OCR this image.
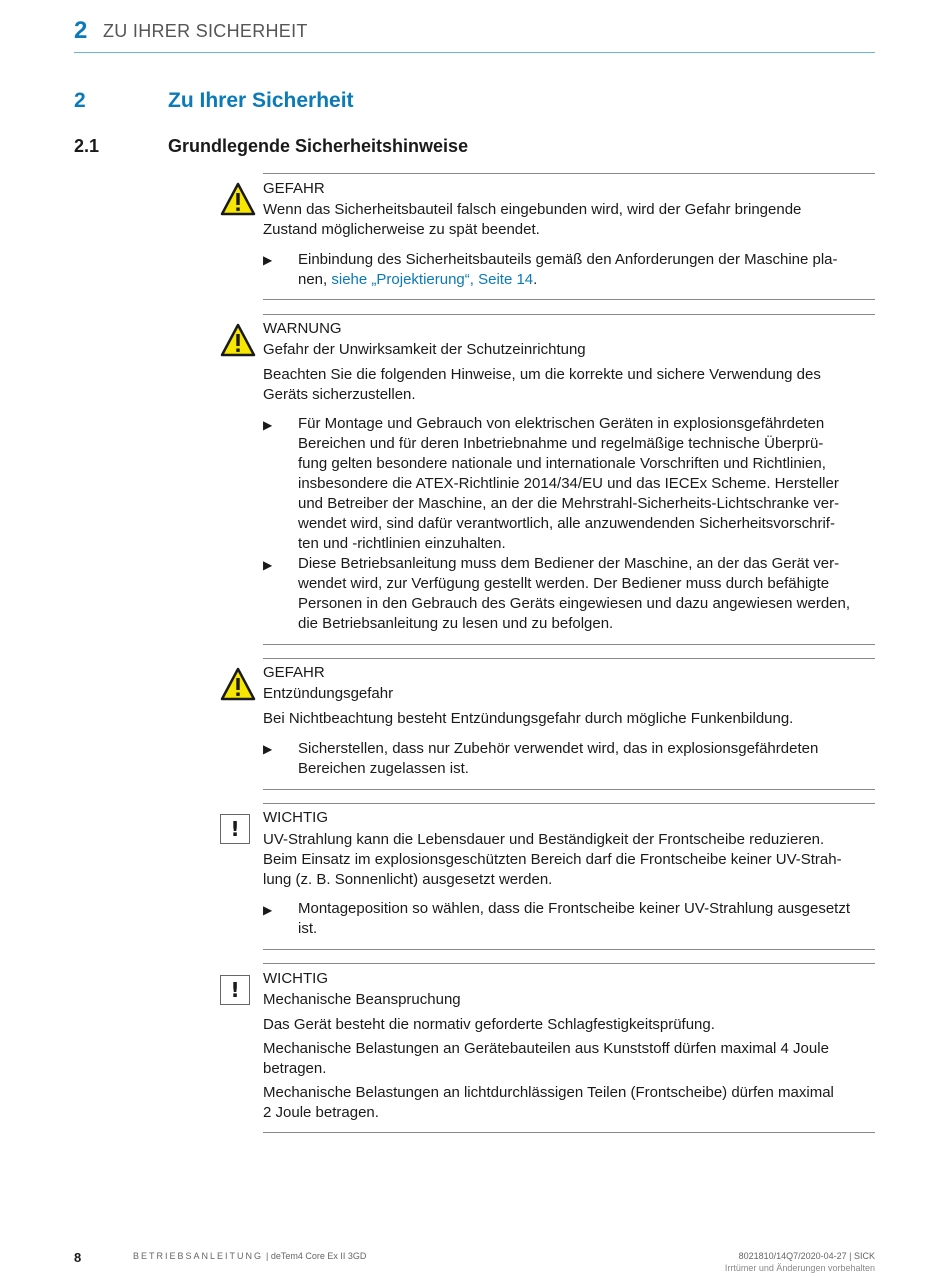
2 ZU IHRER SICHERHEIT
2	Zu Ihrer Sicherheit
2.1	Grundlegende Sicherheitshinweise
GEFAHR
Wenn das Sicherheitsbauteil falsch eingebunden wird, wird der Gefahr bringende
Zustand möglicherweise zu spät beendet.
▶ Einbindung des Sicherheitsbauteils gemäß den Anforderungen der Maschine pla-
nen, siehe „Projektierung“, Seite 14.
WARNUNG
Gefahr der Unwirksamkeit der Schutzeinrichtung
Beachten Sie die folgenden Hinweise, um die korrekte und sichere Verwendung des
Geräts sicherzustellen.
▶ Für Montage und Gebrauch von elektrischen Geräten in explosionsgefährdeten
Bereichen und für deren Inbetriebnahme und regelmäßige technische Überprü-
fung gelten besondere nationale und internationale Vorschriften und Richtlinien,
insbesondere die ATEX-Richtlinie 2014/34/EU und das IECEx Scheme. Hersteller
und Betreiber der Maschine, an der die Mehrstrahl-Sicherheits-Lichtschranke ver-
wendet wird, sind dafür verantwortlich, alle anzuwendenden Sicherheitsvorschrif-
ten und -richtlinien einzuhalten.
▶ Diese Betriebsanleitung muss dem Bediener der Maschine, an der das Gerät ver-
wendet wird, zur Verfügung gestellt werden. Der Bediener muss durch befähigte
Personen in den Gebrauch des Geräts eingewiesen und dazu angewiesen werden,
die Betriebsanleitung zu lesen und zu befolgen.
GEFAHR
Entzündungsgefahr
Bei Nichtbeachtung besteht Entzündungsgefahr durch mögliche Funkenbildung.
▶ Sicherstellen, dass nur Zubehör verwendet wird, das in explosionsgefährdeten
Bereichen zugelassen ist.
!	WICHTIG
UV-Strahlung kann die Lebensdauer und Beständigkeit der Frontscheibe reduzieren.
Beim Einsatz im explosionsgeschützten Bereich darf die Frontscheibe keiner UV-Strah-
lung (z. B. Sonnenlicht) ausgesetzt werden.
▶ Montageposition so wählen, dass die Frontscheibe keiner UV-Strahlung ausgesetzt
ist.
!	WICHTIG
Mechanische Beanspruchung
Das Gerät besteht die normativ geforderte Schlagfestigkeitsprüfung.
Mechanische Belastungen an Gerätebauteilen aus Kunststoff dürfen maximal 4 Joule
betragen.
Mechanische Belastungen an lichtdurchlässigen Teilen (Frontscheibe) dürfen maximal
2 Joule betragen.
8	BETRIEBSANLEITUNG | deTem4 Core Ex II 3GD	8021810/14Q7/2020-04-27 | SICK
Irrtümer und Änderungen vorbehalten
